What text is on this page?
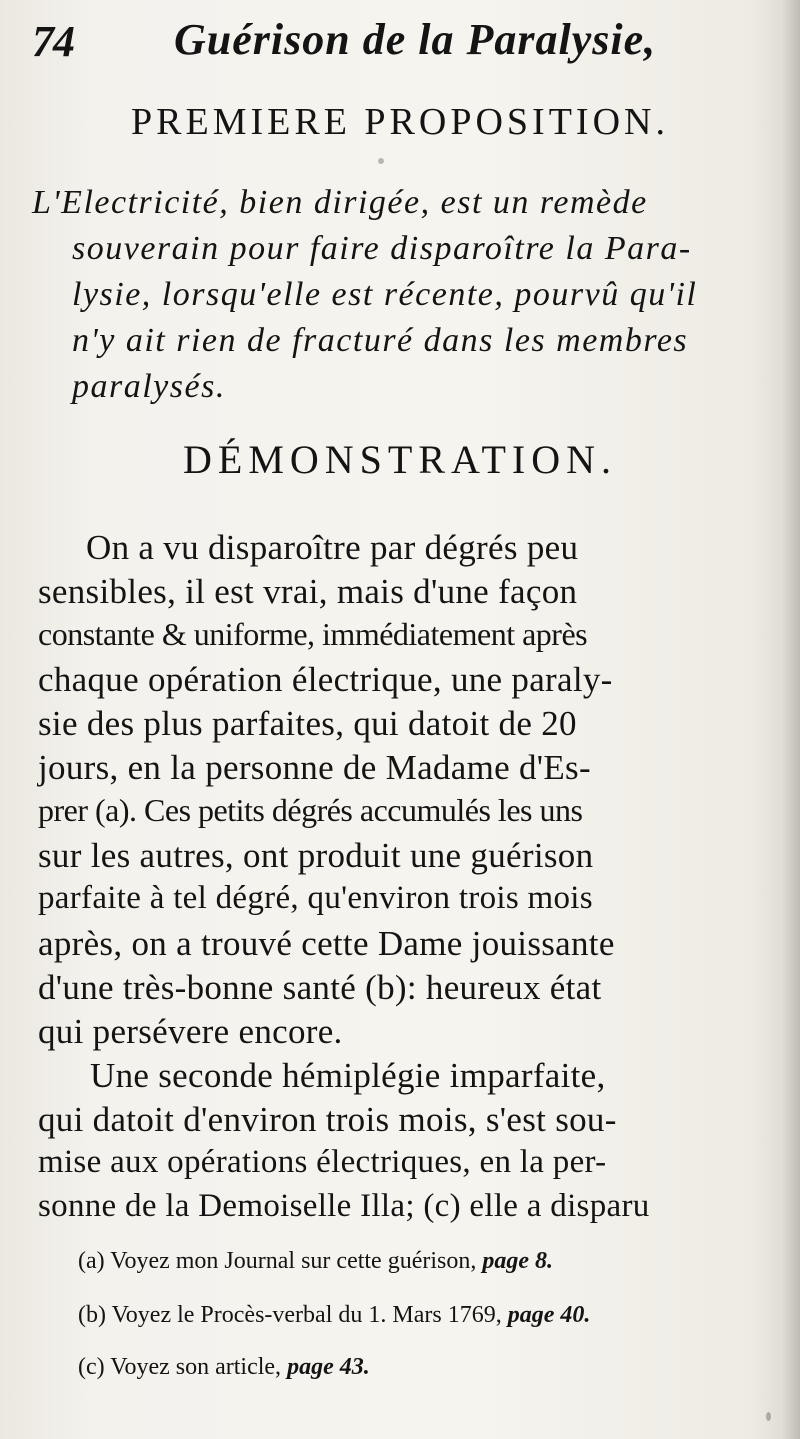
74 Guérison de la Paralysie,
PREMIERE PROPOSITION.
L'Electricité, bien dirigée, est un remède
souverain pour faire disparoître la Para-
lysie, lorsqu'elle est récente, pourvû qu'il
n'y ait rien de fracturé dans les membres
paralysés.
DÉMONSTRATION.
On a vu disparoître par dégrés peu
sensibles, il est vrai, mais d'une façon
constante & uniforme, immédiatement après
chaque opération électrique, une paraly-
sie des plus parfaites, qui datoit de 20
jours, en la personne de Madame d'Es-
prer (a). Ces petits dégrés accumulés les uns
sur les autres, ont produit une guérison
parfaite à tel dégré, qu'environ trois mois
après, on a trouvé cette Dame jouissante
d'une très-bonne santé (b): heureux état
qui persévere encore.
Une seconde hémiplégie imparfaite,
qui datoit d'environ trois mois, s'est sou-
mise aux opérations électriques, en la per-
sonne de la Demoiselle Illa; (c) elle a disparu
(a) Voyez mon Journal sur cette guérison, page 8.
(b) Voyez le Procès-verbal du 1. Mars 1769, page 40.
(c) Voyez son article, page 43.
